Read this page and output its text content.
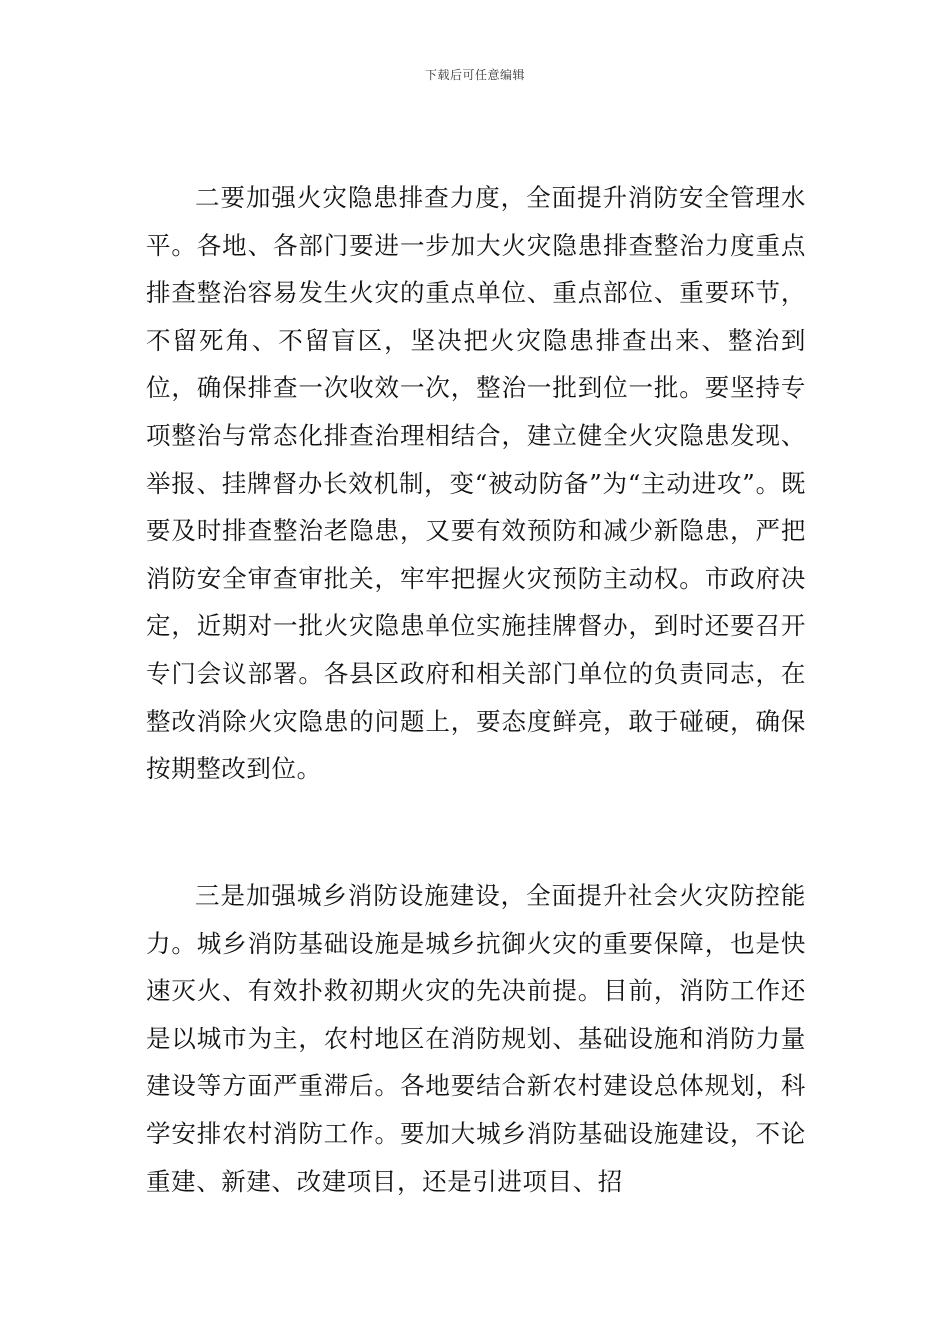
下载后可任意编辑

二要加强火灾隐患排查力度，全面提升消防安全管理水平。各地、各部门要进一步加大火灾隐患排查整治力度重点排查整治容易发生火灾的重点单位、重点部位、重要环节，不留死角、不留盲区，坚决把火灾隐患排查出来、整治到位，确保排查一次收效一次，整治一批到位一批。要坚持专项整治与常态化排查治理相结合，建立健全火灾隐患发现、举报、挂牌督办长效机制，变“被动防备”为“主动进攻”。既要及时排查整治老隐患，又要有效预防和减少新隐患，严把消防安全审查审批关，牢牢把握火灾预防主动权。市政府决定，近期对一批火灾隐患单位实施挂牌督办，到时还要召开专门会议部署。各县区政府和相关部门单位的负责同志，在整改消除火灾隐患的问题上，要态度鲜亮，敢于碰硬，确保按期整改到位。

三是加强城乡消防设施建设，全面提升社会火灾防控能力。城乡消防基础设施是城乡抗御火灾的重要保障，也是快速灭火、有效扑救初期火灾的先决前提。目前，消防工作还是以城市为主，农村地区在消防规划、基础设施和消防力量建设等方面严重滞后。各地要结合新农村建设总体规划，科学安排农村消防工作。要加大城乡消防基础设施建设，不论重建、新建、改建项目，还是引进项目、招
